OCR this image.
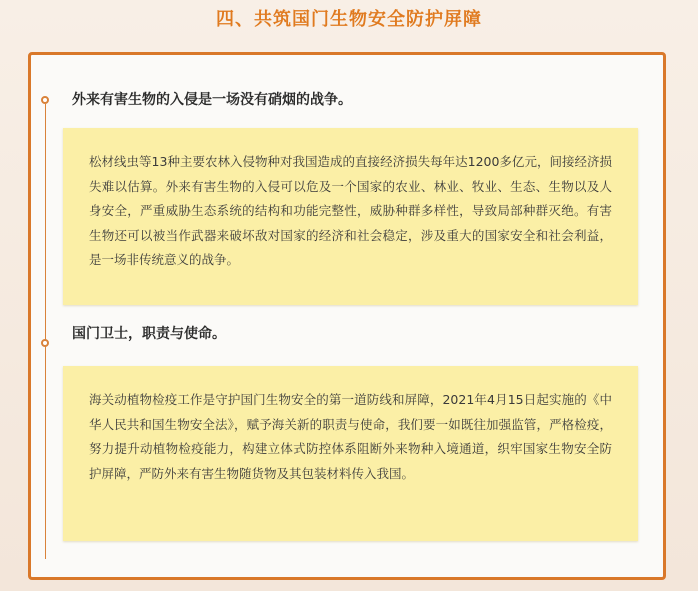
四、共筑国门生物安全防护屏障
外来有害生物的入侵是一场没有硝烟的战争。
松材线虫等13种主要农林入侵物种对我国造成的直接经济损失每年达1200多亿元，间接经济损失难以估算。外来有害生物的入侵可以危及一个国家的农业、林业、牧业、生态、生物以及人身安全，严重威胁生态系统的结构和功能完整性，威胁种群多样性，导致局部种群灭绝。有害生物还可以被当作武器来破坏敌对国家的经济和社会稳定，涉及重大的国家安全和社会利益，是一场非传统意义的战争。
国门卫士，职责与使命。
海关动植物检疫工作是守护国门生物安全的第一道防线和屏障，2021年4月15日起实施的《中华人民共和国生物安全法》，赋予海关新的职责与使命，我们要一如既往加强监管，严格检疫，努力提升动植物检疫能力，构建立体式防控体系阻断外来物种入境通道，织牢国家生物安全防护屏障，严防外来有害生物随货物及其包装材料传入我国。
